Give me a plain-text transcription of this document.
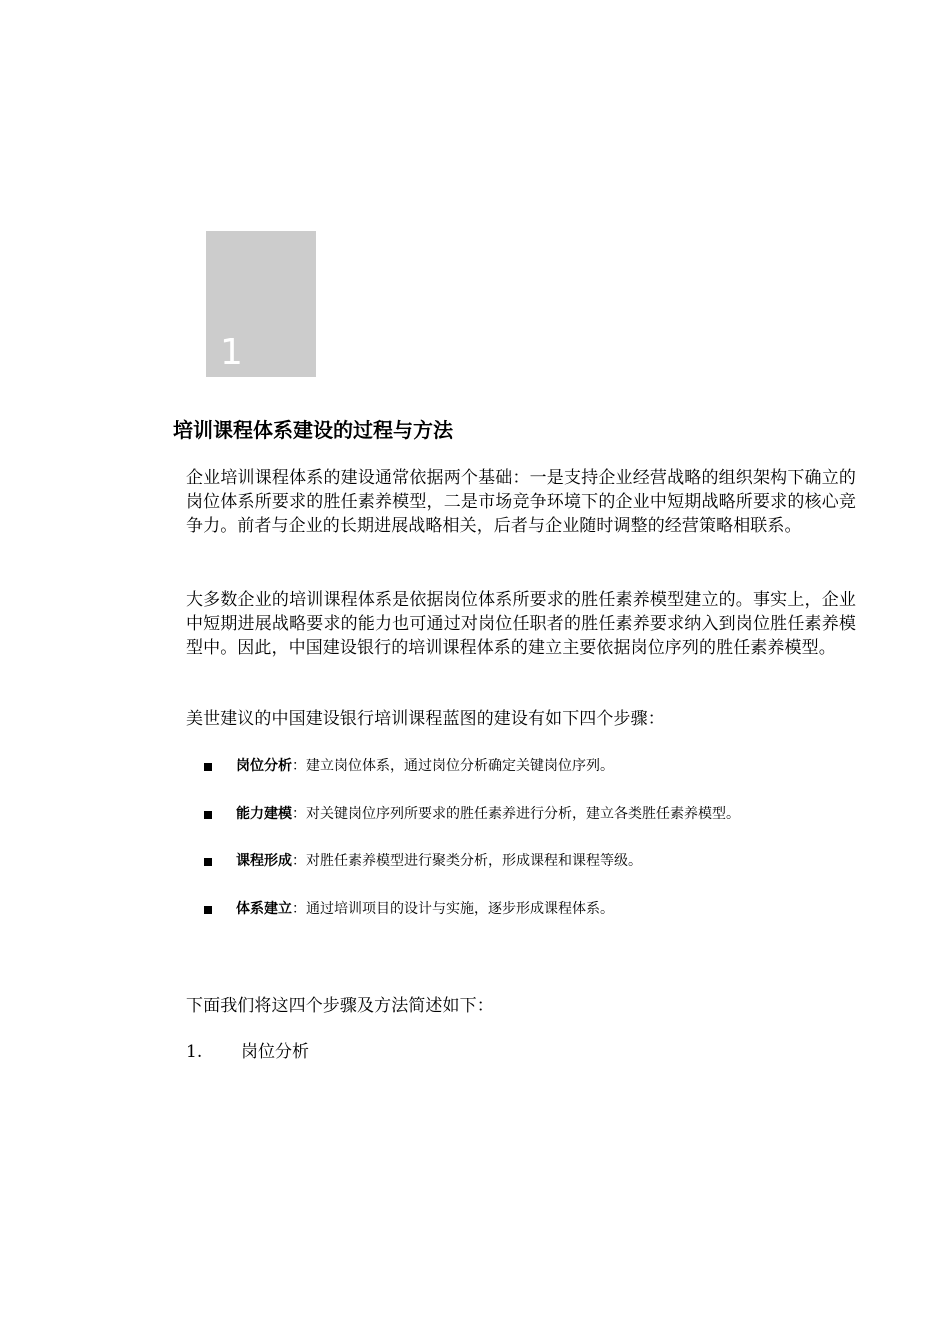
1
培训课程体系建设的过程与方法

企业培训课程体系的建设通常依据两个基础：一是支持企业经营战略的组织架构下确立的岗位体系所要求的胜任素养模型，二是市场竞争环境下的企业中短期战略所要求的核心竞争力。前者与企业的长期进展战略相关，后者与企业随时调整的经营策略相联系。

大多数企业的培训课程体系是依据岗位体系所要求的胜任素养模型建立的。事实上，企业中短期进展战略要求的能力也可通过对岗位任职者的胜任素养要求纳入到岗位胜任素养模型中。因此，中国建设银行的培训课程体系的建立主要依据岗位序列的胜任素养模型。

美世建议的中国建设银行培训课程蓝图的建设有如下四个步骤：

岗位分析：建立岗位体系，通过岗位分析确定关键岗位序列。
能力建模：对关键岗位序列所要求的胜任素养进行分析，建立各类胜任素养模型。
课程形成：对胜任素养模型进行聚类分析，形成课程和课程等级。
体系建立：通过培训项目的设计与实施，逐步形成课程体系。

下面我们将这四个步骤及方法简述如下：

1. 岗位分析
